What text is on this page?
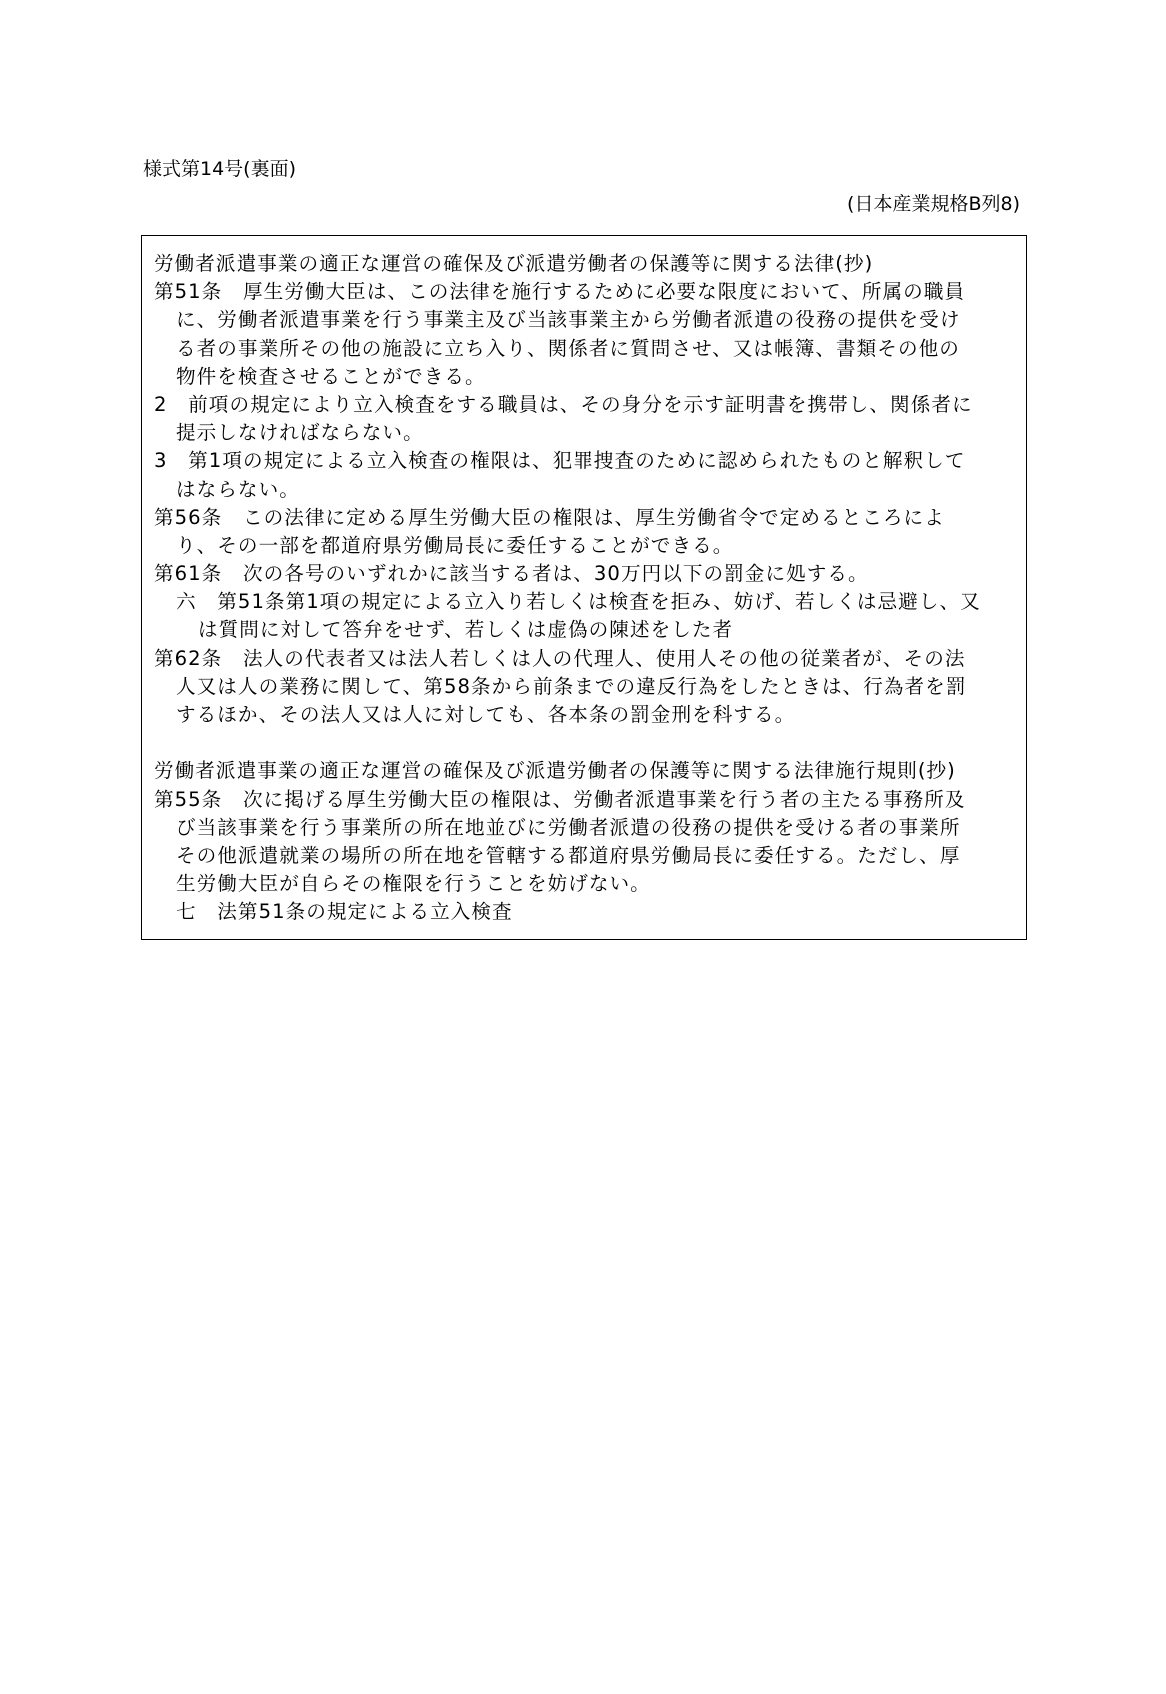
様式第14号(裏面)
(日本産業規格B列8)
労働者派遣事業の適正な運営の確保及び派遣労働者の保護等に関する法律(抄)
第51条　厚生労働大臣は、この法律を施行するために必要な限度において、所属の職員
に、労働者派遣事業を行う事業主及び当該事業主から労働者派遣の役務の提供を受け
る者の事業所その他の施設に立ち入り、関係者に質問させ、又は帳簿、書類その他の
物件を検査させることができる。
2　前項の規定により立入検査をする職員は、その身分を示す証明書を携帯し、関係者に
提示しなければならない。
3　第1項の規定による立入検査の権限は、犯罪捜査のために認められたものと解釈して
はならない。
第56条　この法律に定める厚生労働大臣の権限は、厚生労働省令で定めるところによ
り、その一部を都道府県労働局長に委任することができる。
第61条　次の各号のいずれかに該当する者は、30万円以下の罰金に処する。
六　第51条第1項の規定による立入り若しくは検査を拒み、妨げ、若しくは忌避し、又
は質問に対して答弁をせず、若しくは虚偽の陳述をした者
第62条　法人の代表者又は法人若しくは人の代理人、使用人その他の従業者が、その法
人又は人の業務に関して、第58条から前条までの違反行為をしたときは、行為者を罰
するほか、その法人又は人に対しても、各本条の罰金刑を科する。
労働者派遣事業の適正な運営の確保及び派遣労働者の保護等に関する法律施行規則(抄)
第55条　次に掲げる厚生労働大臣の権限は、労働者派遣事業を行う者の主たる事務所及
び当該事業を行う事業所の所在地並びに労働者派遣の役務の提供を受ける者の事業所
その他派遣就業の場所の所在地を管轄する都道府県労働局長に委任する。ただし、厚
生労働大臣が自らその権限を行うことを妨げない。
七　法第51条の規定による立入検査
